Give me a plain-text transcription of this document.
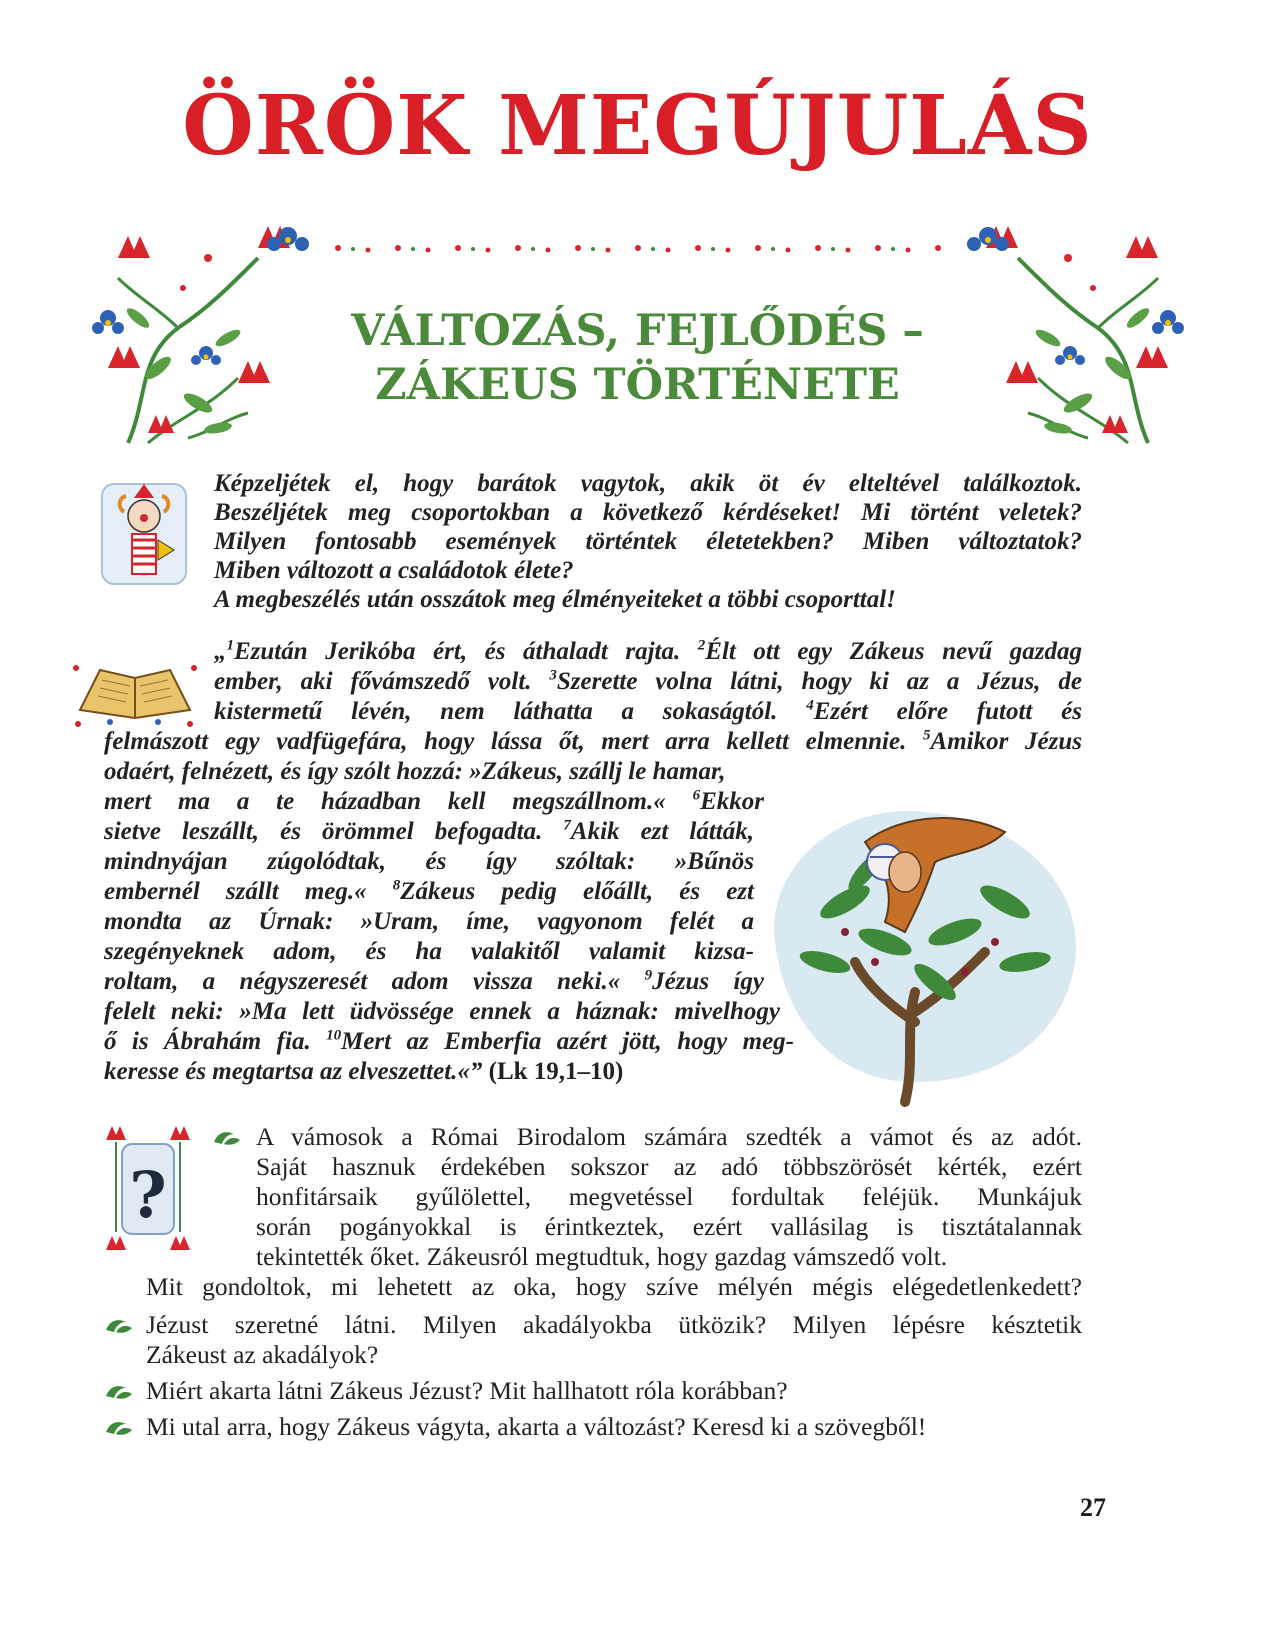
ÖRÖK MEGÚJULÁS
VÁLTOZÁS, FEJLŐDÉS –
ZÁKEUS TÖRTÉNETE
Képzeljétek el, hogy barátok vagytok, akik öt év elteltével találkoztok.
Beszéljétek meg csoportokban a következő kérdéseket! Mi történt veletek?
Milyen fontosabb események történtek életetekben? Miben változtatok?
Miben változott a családotok élete?
A megbeszélés után osszátok meg élményeiteket a többi csoporttal!
„$^1$Ezután Jerikóba ért, és áthaladt rajta. $^2$Élt ott egy Zákeus nevű gazdag
ember, aki fővámszedő volt. $^3$Szerette volna látni, hogy ki az a Jézus, de
kistermetű lévén, nem láthatta a sokaságtól. $^4$Ezért előre futott és
felmászott egy vadfügefára, hogy lássa őt, mert arra kellett elmennie. $^5$Amikor Jézus
odaért, felnézett, és így szólt hozzá: »Zákeus, szállj le hamar,
mert ma a te házadban kell megszállnom.« $^6$Ekkor
sietve leszállt, és örömmel befogadta. $^7$Akik ezt látták,
mindnyájan zúgolódtak, és így szóltak: »Bűnös
embernél szállt meg.« $^8$Zákeus pedig előállt, és ezt
mondta az Úrnak: »Uram, íme, vagyonom felét a
szegényeknek adom, és ha valakitől valamit kizsa-
roltam, a négyszeresét adom vissza neki.« $^9$Jézus így
felelt neki: »Ma lett üdvössége ennek a háznak: mivelhogy
ő is Ábrahám fia. $^{10}$Mert az Emberfia azért jött, hogy meg-
keresse és megtartsa az elveszettet.«” (Lk 19,1–10)
?
A vámosok a Római Birodalom számára szedték a vámot és az adót.
Saját hasznuk érdekében sokszor az adó többszörösét kérték, ezért
honfitársaik gyűlölettel, megvetéssel fordultak feléjük. Munkájuk
során pogányokkal is érintkeztek, ezért vallásilag is tisztátalannak
tekintették őket. Zákeusról megtudtuk, hogy gazdag vámszedő volt.
Mit gondoltok, mi lehetett az oka, hogy szíve mélyén mégis elégedetlenkedett?
Jézust szeretné látni. Milyen akadályokba ütközik? Milyen lépésre késztetik
Zákeust az akadályok?
Miért akarta látni Zákeus Jézust? Mit hallhatott róla korábban?
Mi utal arra, hogy Zákeus vágyta, akarta a változást? Keresd ki a szövegből!
27
